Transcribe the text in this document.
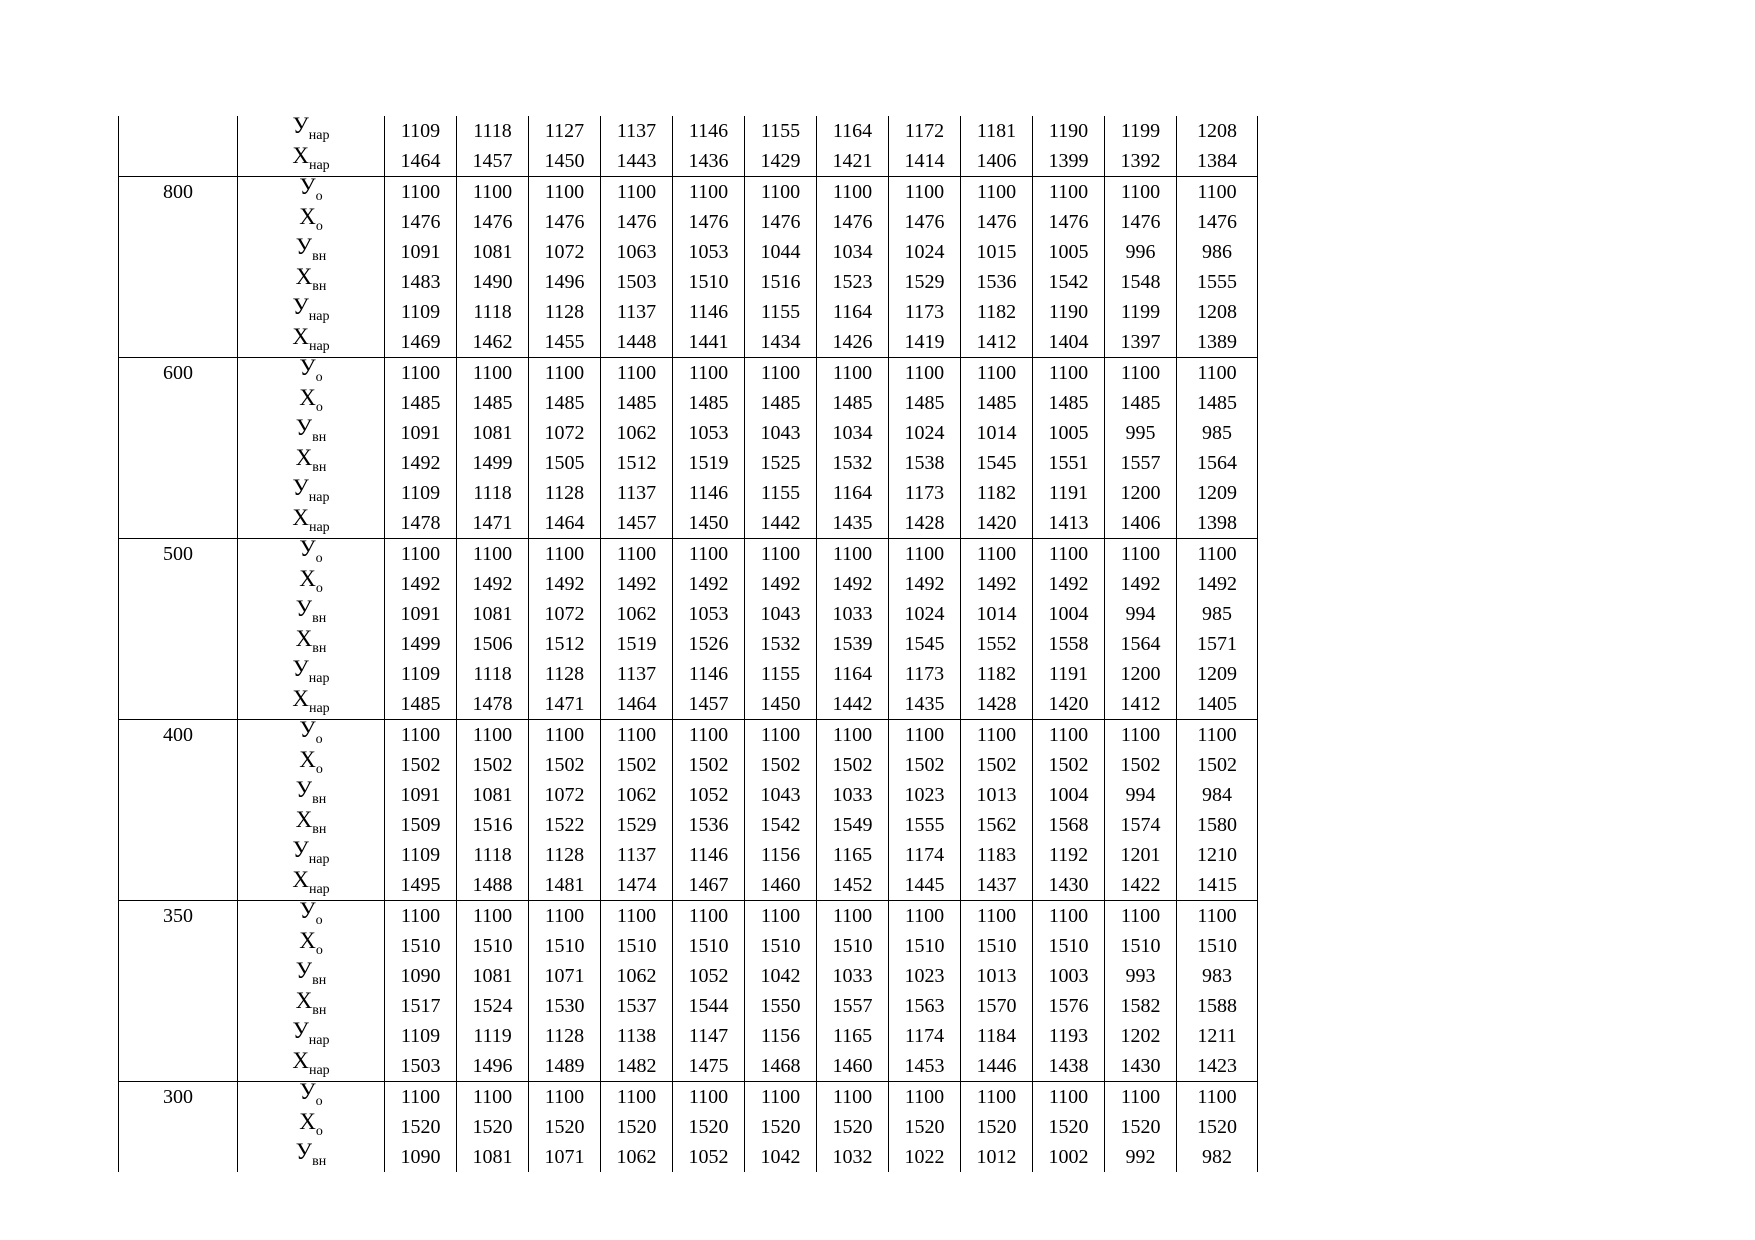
	$У_{нар}$	1109	1118	1127	1137	1146	1155	1164	1172	1181	1190	1199	1208
	$Х_{нар}$	1464	1457	1450	1443	1436	1429	1421	1414	1406	1399	1392	1384
800	$У_о$	1100	1100	1100	1100	1100	1100	1100	1100	1100	1100	1100	1100
	$Х_о$	1476	1476	1476	1476	1476	1476	1476	1476	1476	1476	1476	1476
	$У_{вн}$	1091	1081	1072	1063	1053	1044	1034	1024	1015	1005	996	986
	$Х_{вн}$	1483	1490	1496	1503	1510	1516	1523	1529	1536	1542	1548	1555
	$У_{нар}$	1109	1118	1128	1137	1146	1155	1164	1173	1182	1190	1199	1208
	$Х_{нар}$	1469	1462	1455	1448	1441	1434	1426	1419	1412	1404	1397	1389
600	$У_о$	1100	1100	1100	1100	1100	1100	1100	1100	1100	1100	1100	1100
	$Х_о$	1485	1485	1485	1485	1485	1485	1485	1485	1485	1485	1485	1485
	$У_{вн}$	1091	1081	1072	1062	1053	1043	1034	1024	1014	1005	995	985
	$Х_{вн}$	1492	1499	1505	1512	1519	1525	1532	1538	1545	1551	1557	1564
	$У_{нар}$	1109	1118	1128	1137	1146	1155	1164	1173	1182	1191	1200	1209
	$Х_{нар}$	1478	1471	1464	1457	1450	1442	1435	1428	1420	1413	1406	1398
500	$У_о$	1100	1100	1100	1100	1100	1100	1100	1100	1100	1100	1100	1100
	$Х_о$	1492	1492	1492	1492	1492	1492	1492	1492	1492	1492	1492	1492
	$У_{вн}$	1091	1081	1072	1062	1053	1043	1033	1024	1014	1004	994	985
	$Х_{вн}$	1499	1506	1512	1519	1526	1532	1539	1545	1552	1558	1564	1571
	$У_{нар}$	1109	1118	1128	1137	1146	1155	1164	1173	1182	1191	1200	1209
	$Х_{нар}$	1485	1478	1471	1464	1457	1450	1442	1435	1428	1420	1412	1405
400	$У_о$	1100	1100	1100	1100	1100	1100	1100	1100	1100	1100	1100	1100
	$Х_о$	1502	1502	1502	1502	1502	1502	1502	1502	1502	1502	1502	1502
	$У_{вн}$	1091	1081	1072	1062	1052	1043	1033	1023	1013	1004	994	984
	$Х_{вн}$	1509	1516	1522	1529	1536	1542	1549	1555	1562	1568	1574	1580
	$У_{нар}$	1109	1118	1128	1137	1146	1156	1165	1174	1183	1192	1201	1210
	$Х_{нар}$	1495	1488	1481	1474	1467	1460	1452	1445	1437	1430	1422	1415
350	$У_о$	1100	1100	1100	1100	1100	1100	1100	1100	1100	1100	1100	1100
	$Х_о$	1510	1510	1510	1510	1510	1510	1510	1510	1510	1510	1510	1510
	$У_{вн}$	1090	1081	1071	1062	1052	1042	1033	1023	1013	1003	993	983
	$Х_{вн}$	1517	1524	1530	1537	1544	1550	1557	1563	1570	1576	1582	1588
	$У_{нар}$	1109	1119	1128	1138	1147	1156	1165	1174	1184	1193	1202	1211
	$Х_{нар}$	1503	1496	1489	1482	1475	1468	1460	1453	1446	1438	1430	1423
300	$У_о$	1100	1100	1100	1100	1100	1100	1100	1100	1100	1100	1100	1100
	$Х_о$	1520	1520	1520	1520	1520	1520	1520	1520	1520	1520	1520	1520
	$У_{вн}$	1090	1081	1071	1062	1052	1042	1032	1022	1012	1002	992	982
